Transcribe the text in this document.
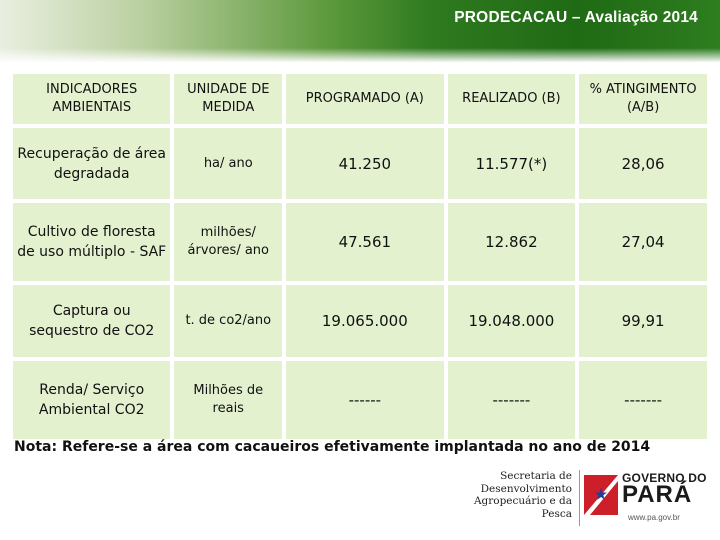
PRODECACAU – Avaliação 2014
INDICADORES AMBIENTAIS	UNIDADE DE MEDIDA	PROGRAMADO (A)	REALIZADO (B)	% ATINGIMENTO (A/B)
Recuperação de área degradada	ha/ ano	41.250	11.577(*)	28,06
Cultivo de floresta de uso múltiplo - SAF	milhões/ árvores/ ano	47.561	12.862	27,04
Captura ou sequestro de CO2	t. de co2/ano	19.065.000	19.048.000	99,91
Renda/ Serviço Ambiental CO2	Milhões de reais	------	-------	-------
Nota: Refere-se a área com cacaueiros efetivamente implantada no ano de 2014
Secretaria de
Desenvolvimento
Agropecuário e da Pesca
GOVERNO DO
PARÁ
www.pa.gov.br
